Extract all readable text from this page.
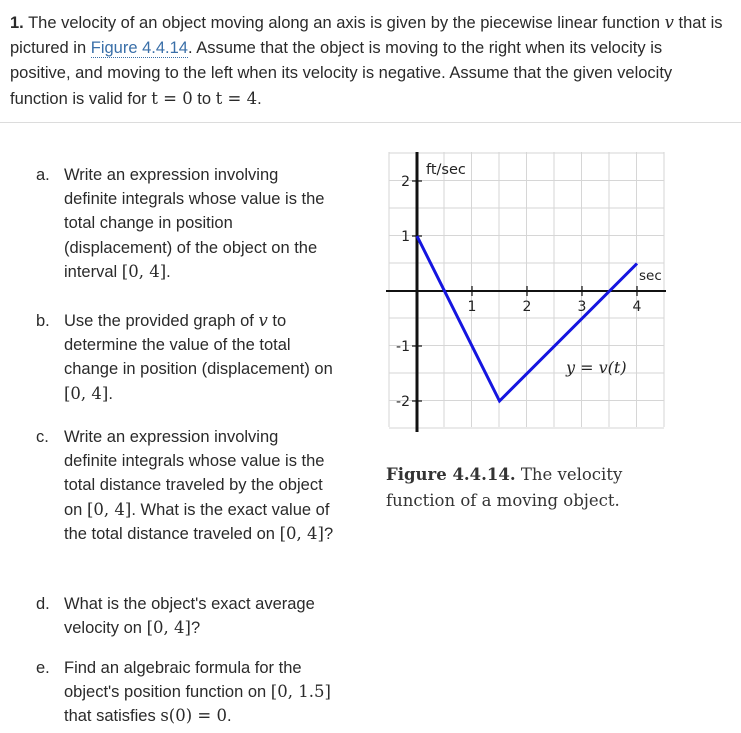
1. The velocity of an object moving along an axis is given by the piecewise linear function v that is pictured in Figure 4.4.14. Assume that the object is moving to the right when its velocity is positive, and moving to the left when its velocity is negative. Assume that the given velocity function is valid for t = 0 to t = 4.
a. Write an expression involving definite integrals whose value is the total change in position (displacement) of the object on the interval [0, 4].
b. Use the provided graph of v to determine the value of the total change in position (displacement) on [0, 4].
c. Write an expression involving definite integrals whose value is the total distance traveled by the object on [0, 4]. What is the exact value of the total distance traveled on [0, 4]?
d. What is the object's exact average velocity on [0, 4]?
e. Find an algebraic formula for the object's position function on [0, 1.5] that satisfies s(0) = 0.
1	2	3	4
2
1
-1
-2
ft/sec
sec
y = v(t)
Figure 4.4.14. The velocity function of a moving object.
